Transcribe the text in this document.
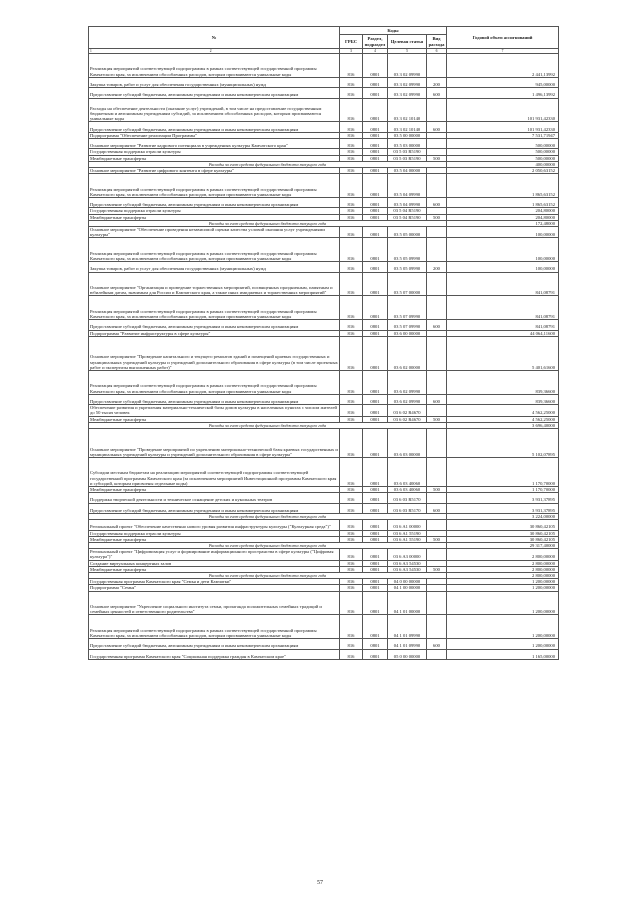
№	Коды				Годовой объем ассигнований
	ГРБС	Раздел, подраздел	Целевая статья	Вид расхода	
1 2	3	4	5	6	7
Реализация мероприятий соответствующей подпрограммы в рамках соответствующей государственной программы Камчатского края, за исключением обособленных расходов, которым присваиваются уникальные коды	816	0801	03 3 02 09990		2 441,13992
Закупка товаров, работ и услуг для обеспечения государственных (муниципальных) нужд	816	0801	03 3 02 09990	200	945,00000
Предоставление субсидий бюджетным, автономным учреждениям и иным некоммерческим организациям	816	0801	03 3 02 09990	600	1 496,13992
Расходы на обеспечение деятельности (оказание услуг) учреждений, в том числе на предоставление государственным бюджетным и автономным учреждениям субсидий, за исключением обособленных расходов, которым присваиваются уникальные коды	816	0801	03 3 02 10140		101 931,42330
Предоставление субсидий бюджетным, автономным учреждениям и иным некоммерческим организациям	816	0801	03 3 02 10140	600	101 931,42330
Подпрограмма "Обеспечение реализации Программы"	816	0801	03 5 00 00000		7 531,71947
Основное мероприятие "Развитие кадрового потенциала в учреждениях культуры Камчатского края"	816	0801	03 5 03 00000		500,00000
Государственная поддержка отрасли культуры	816	0801	03 5 03 R5190		500,00000
Межбюджетные трансферты	816	0801	03 5 03 R5190	500	500,00000
Расходы за счет средств федерального бюджета текущего года					400,00000
Основное мероприятие "Развитие цифрового контента в сфере культуры"	816	0801	03 5 04 00000		2 050,63152
Реализация мероприятий соответствующей подпрограммы в рамках соответствующей государственной программы Камчатского края, за исключением обособленных расходов, которым присваиваются уникальные коды	816	0801	03 5 04 09990		1 865,63152
Предоставление субсидий бюджетным, автономным учреждениям и иным некоммерческим организациям	816	0801	03 5 04 09990	600	1 865,63152
Государственная поддержка отрасли культуры	816	0801	03 5 04 R5190		204,80000
Межбюджетные трансферты	816	0801	03 5 04 R5190	500	204,80000
Расходы за счет средств федерального бюджета текущего года					172,48000
Основное мероприятие "Обеспечение проведения независимой оценки качества условий оказания услуг учреждениями культуры"	816	0801	03 5 05 00000		100,00000
Реализация мероприятий соответствующей подпрограммы в рамках соответствующей государственной программы Камчатского края, за исключением обособленных расходов, которым присваиваются уникальные коды	816	0801	03 5 05 09990		100,00000
Закупка товаров, работ и услуг для обеспечения государственных (муниципальных) нужд	816	0801	03 5 05 09990	200	100,00000
Основное мероприятие "Организация и проведение торжественных мероприятий, посвященных праздничным, памятным и юбилейным датам, значимым для России и Камчатского края, а также иных имиджевых и торжественных мероприятий"	816	0801	03 5 07 00000		841,08791
Реализация мероприятий соответствующей подпрограммы в рамках соответствующей государственной программы Камчатского края, за исключением обособленных расходов, которым присваиваются уникальные коды	816	0801	03 5 07 09990		841,08791
Предоставление субсидий бюджетным, автономным учреждениям и иным некоммерческим организациям	816	0801	03 5 07 09990	600	841,08791
Подпрограмма "Развитие инфраструктуры в сфере культуры"	816	0801	03 6 00 00000		44 064,11600
Основное мероприятие "Проведение капитального и текущего ремонтов зданий и помещений краевых государственных и муниципальных учреждений культуры и учреждений дополнительного образования в сфере культуры (в том числе проектных работ и экспертизы выполненных работ)"	816	0801	03 6 02 00000		5 401,61600
Реализация мероприятий соответствующей подпрограммы в рамках соответствующей государственной программы Камчатского края, за исключением обособленных расходов, которым присваиваются уникальные коды	816	0801	03 6 02 09990		839,36600
Предоставление субсидий бюджетным, автономным учреждениям и иным некоммерческим организациям	816	0801	03 6 02 09990	600	839,36600
Обеспечение развития и укрепления материально-технической базы домов культуры в населенных пунктах с числом жителей до 50 тысяч человек	816	0801	03 6 02 R4670		4 562,25000
Межбюджетные трансферты	816	0801	03 6 02 R4670	500	4 562,25000
Расходы за счет средств федерального бюджета текущего года					3 696,40000
Основное мероприятие "Проведение мероприятий по укреплению материально-технической базы краевых государственных и муниципальных учреждений культуры и учреждений дополнительного образования в сфере культуры"	816	0801	03 6 03 00000		5 102,07895
Субсидии местным бюджетам на реализацию мероприятий соответствующей подпрограммы соответствующей государственной программы Камчатского края (за исключением мероприятий Инвестиционной программы Камчатского края и субсидий, которым присвоены отдельные коды)	816	0801	03 6 03 40060		1 170,70000
Межбюджетные трансферты	816	0801	03 6 03 40060	500	1 170,70000
Поддержка творческой деятельности и техническое оснащение детских и кукольных театров	816	0801	03 6 03 R5170		3 931,37895
Предоставление субсидий бюджетным, автономным учреждениям и иным некоммерческим организациям	816	0801	03 6 03 R5170	600	3 931,37895
Расходы за счет средств федерального бюджета текущего года					3 224,00000
Региональный проект "Обеспечение качественно нового уровня развития инфраструктуры культуры ("Культурная среда")"	816	0801	03 6 A1 00000		30 860,42105
Государственная поддержка отрасли культуры	816	0801	03 6 A1 55190		30 860,42105
Межбюджетные трансферты	816	0801	03 6 A1 55190	500	30 860,42105
Расходы за счет средств федерального бюджета текущего года					29 317,40000
Региональный проект "Цифровизация услуг и формирование информационного пространства в сфере культуры ("Цифровая культура")"	816	0801	03 6 A3 00000		2 800,00000
Создание виртуальных концертных залов	816	0801	03 6 A3 54530		2 800,00000
Межбюджетные трансферты	816	0801	03 6 A3 54530	500	2 800,00000
Расходы за счет средств федерального бюджета текущего года					2 800,00000
Государственная программа Камчатского края "Семья и дети Камчатки"	816	0801	04 0 00 00000		1 200,00000
Подпрограмма "Семья"	816	0801	04 1 00 00000		1 200,00000
Основное мероприятие "Укрепление социального института семьи, пропаганда положительных семейных традиций и семейных ценностей и ответственного родительства"	816	0801	04 1 01 00000		1 200,00000
Реализация мероприятий соответствующей подпрограммы в рамках соответствующей государственной программы Камчатского края, за исключением обособленных расходов, которым присваиваются уникальные коды	816	0801	04 1 01 09990		1 200,00000
Предоставление субсидий бюджетным, автономным учреждениям и иным некоммерческим организациям	816	0801	04 1 01 09990	600	1 200,00000
Государственная программа Камчатского края "Социальная поддержка граждан в Камчатском крае"	816	0801	05 0 00 00000		1 165,00000
57
